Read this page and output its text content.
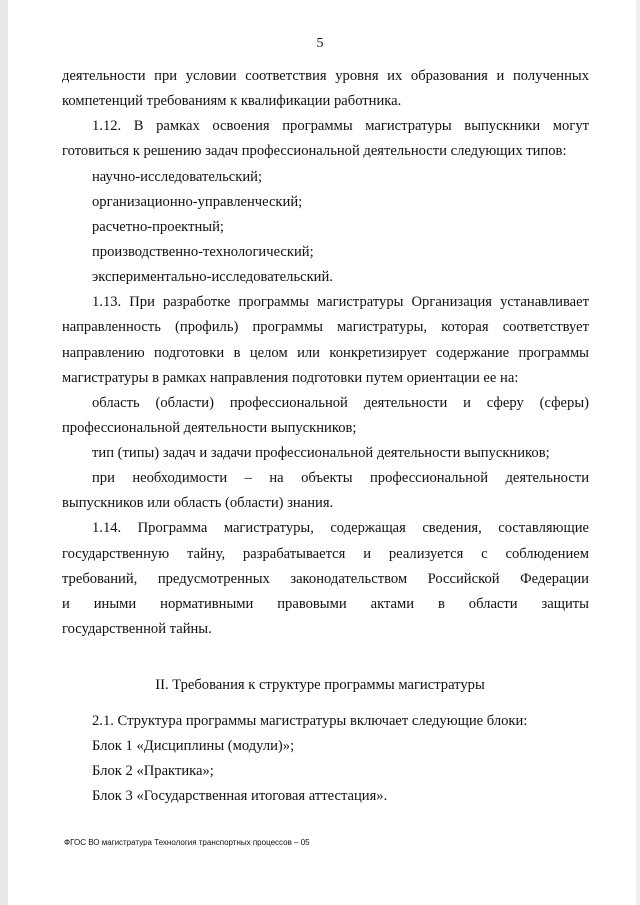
5
деятельности при условии соответствия уровня их образования и полученных
компетенций требованиям к квалификации работника.
1.12. В рамках освоения программы магистратуры выпускники могут
готовиться к решению задач профессиональной деятельности следующих типов:
научно-исследовательский;
организационно-управленческий;
расчетно-проектный;
производственно-технологический;
экспериментально-исследовательский.
1.13. При разработке программы магистратуры Организация устанавливает
направленность (профиль) программы магистратуры, которая соответствует
направлению подготовки в целом или конкретизирует содержание программы
магистратуры в рамках направления подготовки путем ориентации ее на:
область (области) профессиональной деятельности и сферу (сферы)
профессиональной деятельности выпускников;
тип (типы) задач и задачи профессиональной деятельности выпускников;
при необходимости – на объекты профессиональной деятельности
выпускников или область (области) знания.
1.14. Программа магистратуры, содержащая сведения, составляющие
государственную тайну, разрабатывается и реализуется с соблюдением
требований, предусмотренных законодательством Российской Федерации
и иными нормативными правовыми актами в области защиты
государственной тайны.
II. Требования к структуре программы магистратуры
2.1. Структура программы магистратуры включает следующие блоки:
Блок 1 «Дисциплины (модули)»;
Блок 2 «Практика»;
Блок 3 «Государственная итоговая аттестация».
ФГОС ВО магистратура Технология транспортных процессов – 05
